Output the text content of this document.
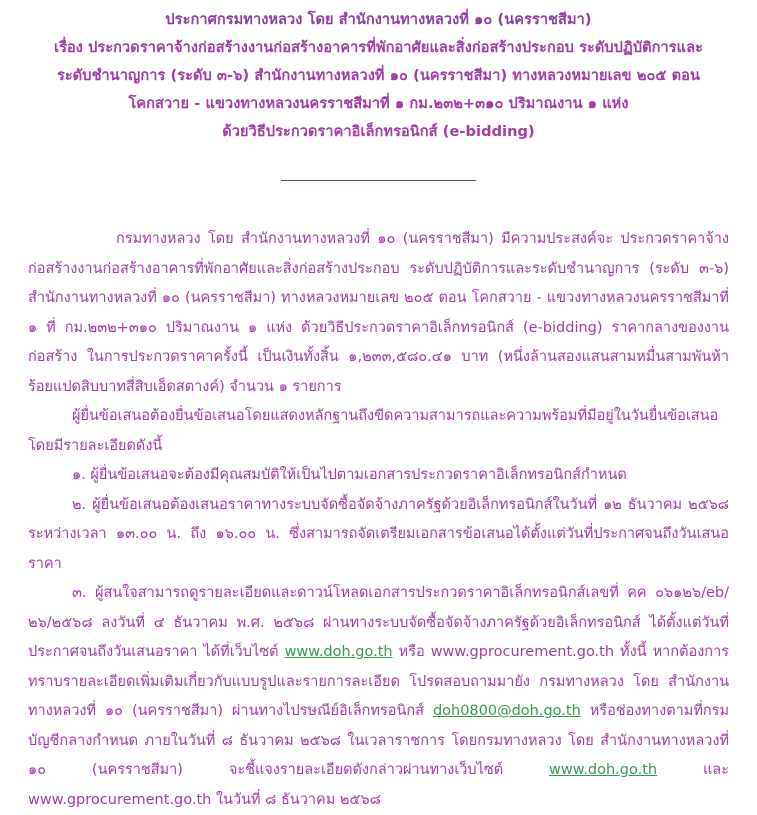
ประกาศกรมทางหลวง โดย สำนักงานทางหลวงที่ ๑๐ (นครราชสีมา)
เรื่อง ประกวดราคาจ้างก่อสร้างงานก่อสร้างอาคารที่พักอาศัยและสิ่งก่อสร้างประกอบ ระดับปฏิบัติการและ
ระดับชำนาญการ (ระดับ ๓-๖) สำนักงานทางหลวงที่ ๑๐ (นครราชสีมา) ทางหลวงหมายเลข ๒๐๕ ตอน
โคกสวาย - แขวงทางหลวงนครราชสีมาที่ ๑ กม.๒๓๒+๓๑๐ ปริมาณงาน ๑ แห่ง
ด้วยวิธีประกวดราคาอิเล็กทรอนิกส์ (e-bidding)

กรมทางหลวง โดย สำนักงานทางหลวงที่ ๑๐ (นครราชสีมา) มีความประสงค์จะ ประกวดราคาจ้างก่อสร้างงานก่อสร้างอาคารที่พักอาศัยและสิ่งก่อสร้างประกอบ ระดับปฏิบัติการและระดับชำนาญการ (ระดับ ๓-๖) สำนักงานทางหลวงที่ ๑๐ (นครราชสีมา) ทางหลวงหมายเลข ๒๐๕ ตอน โคกสวาย - แขวงทางหลวงนครราชสีมาที่ ๑ ที่ กม.๒๓๒+๓๑๐ ปริมาณงาน ๑ แห่ง ด้วยวิธีประกวดราคาอิเล็กทรอนิกส์ (e-bidding) ราคากลางของงานก่อสร้าง ในการประกวดราคาครั้งนี้ เป็นเงินทั้งสิ้น ๑,๒๓๓,๕๘๐.๔๑ บาท (หนึ่งล้านสองแสนสามหมื่นสามพันห้าร้อยแปดสิบบาทสี่สิบเอ็ดสตางค์) จำนวน ๑ รายการ

ผู้ยื่นข้อเสนอต้องยื่นข้อเสนอโดยแสดงหลักฐานถึงขีดความสามารถและความพร้อมที่มีอยู่ในวันยื่นข้อเสนอ โดยมีรายละเอียดดังนี้

๑. ผู้ยื่นข้อเสนอจะต้องมีคุณสมบัติให้เป็นไปตามเอกสารประกวดราคาอิเล็กทรอนิกส์กำหนด

๒. ผู้ยื่นข้อเสนอต้องเสนอราคาทางระบบจัดซื้อจัดจ้างภาครัฐด้วยอิเล็กทรอนิกส์ในวันที่ ๑๒ ธันวาคม ๒๕๖๘ ระหว่างเวลา ๑๓.๐๐ น. ถึง ๑๖.๐๐ น. ซึ่งสามารถจัดเตรียมเอกสารข้อเสนอได้ตั้งแต่วันที่ประกาศจนถึงวันเสนอราคา

๓. ผู้สนใจสามารถดูรายละเอียดและดาวน์โหลดเอกสารประกวดราคาอิเล็กทรอนิกส์เลขที่ คค ๐๖๑๒๖/eb/๒๖/๒๕๖๘ ลงวันที่ ๔ ธันวาคม พ.ศ. ๒๕๖๘ ผ่านทางระบบจัดซื้อจัดจ้างภาครัฐด้วยอิเล็กทรอนิกส์ ได้ตั้งแต่วันที่ประกาศจนถึงวันเสนอราคา ได้ที่เว็บไซต์ www.doh.go.th หรือ www.gprocurement.go.th ทั้งนี้ หากต้องการทราบรายละเอียดเพิ่มเติมเกี่ยวกับแบบรูปและรายการละเอียด โปรดสอบถามมายัง กรมทางหลวง โดย สำนักงานทางหลวงที่ ๑๐ (นครราชสีมา) ผ่านทางไปรษณีย์อิเล็กทรอนิกส์ doh0800@doh.go.th หรือช่องทางตามที่กรมบัญชีกลางกำหนด ภายในวันที่ ๘ ธันวาคม ๒๕๖๘ ในเวลาราชการ โดยกรมทางหลวง โดย สำนักงานทางหลวงที่ ๑๐ (นครราชสีมา) จะชี้แจงรายละเอียดดังกล่าวผ่านทางเว็บไซต์ www.doh.go.th และ www.gprocurement.go.th ในวันที่ ๘ ธันวาคม ๒๕๖๘
